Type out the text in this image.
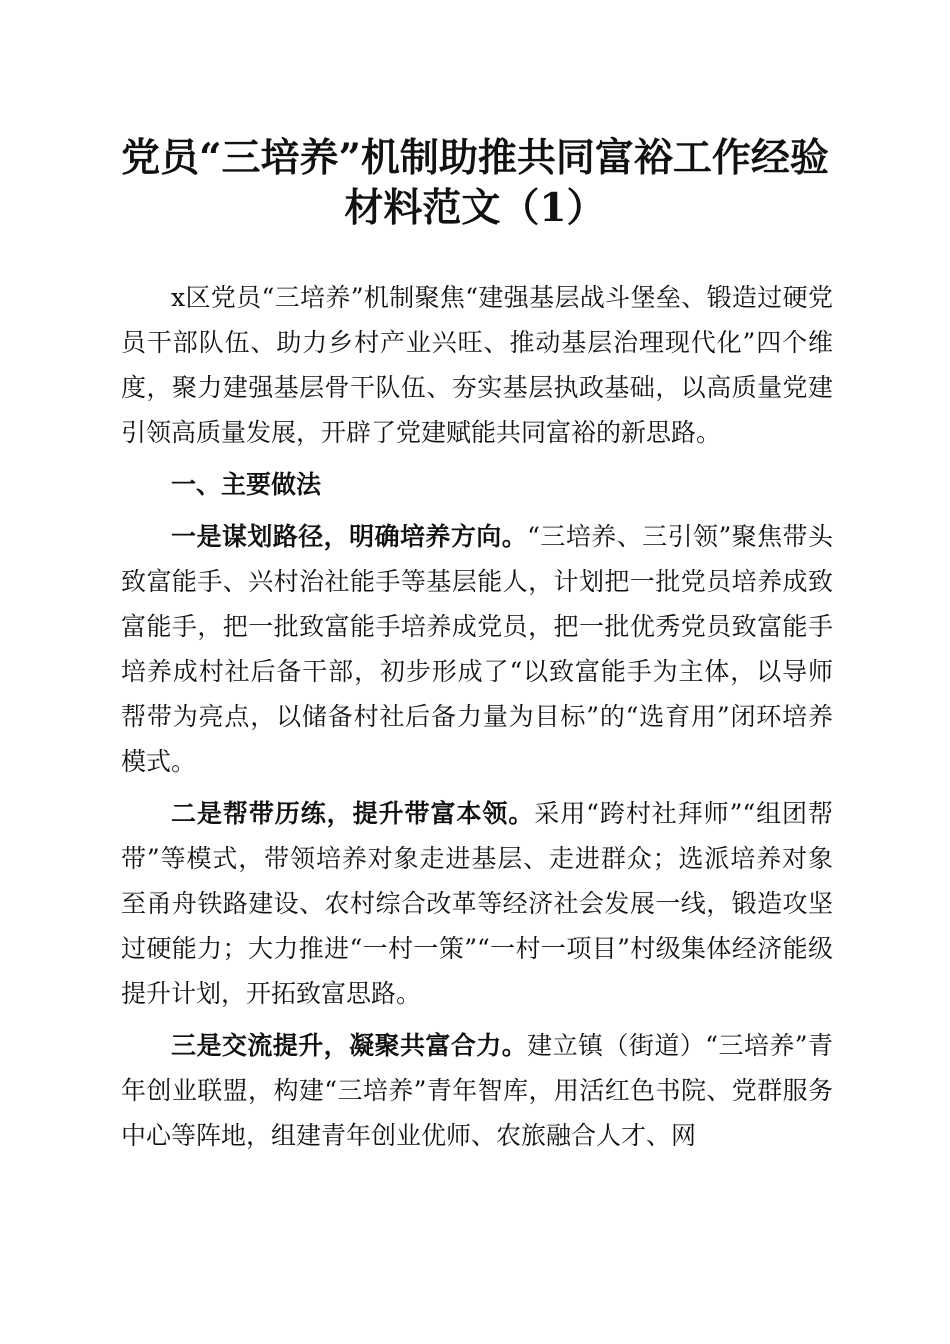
党员“三培养”机制助推共同富裕工作经验材料范文（1）

x区党员“三培养”机制聚焦“建强基层战斗堡垒、锻造过硬党员干部队伍、助力乡村产业兴旺、推动基层治理现代化”四个维度，聚力建强基层骨干队伍、夯实基层执政基础，以高质量党建引领高质量发展，开辟了党建赋能共同富裕的新思路。

一、主要做法

一是谋划路径，明确培养方向。“三培养、三引领”聚焦带头致富能手、兴村治社能手等基层能人，计划把一批党员培养成致富能手，把一批致富能手培养成党员，把一批优秀党员致富能手培养成村社后备干部，初步形成了“以致富能手为主体，以导师帮带为亮点，以储备村社后备力量为目标”的“选育用”闭环培养模式。

二是帮带历练，提升带富本领。采用“跨村社拜师”“组团帮带”等模式，带领培养对象走进基层、走进群众；选派培养对象至甬舟铁路建设、农村综合改革等经济社会发展一线，锻造攻坚过硬能力；大力推进“一村一策”“一村一项目”村级集体经济能级提升计划，开拓致富思路。

三是交流提升，凝聚共富合力。建立镇（街道）“三培养”青年创业联盟，构建“三培养”青年智库，用活红色书院、党群服务中心等阵地，组建青年创业优师、农旅融合人才、网
